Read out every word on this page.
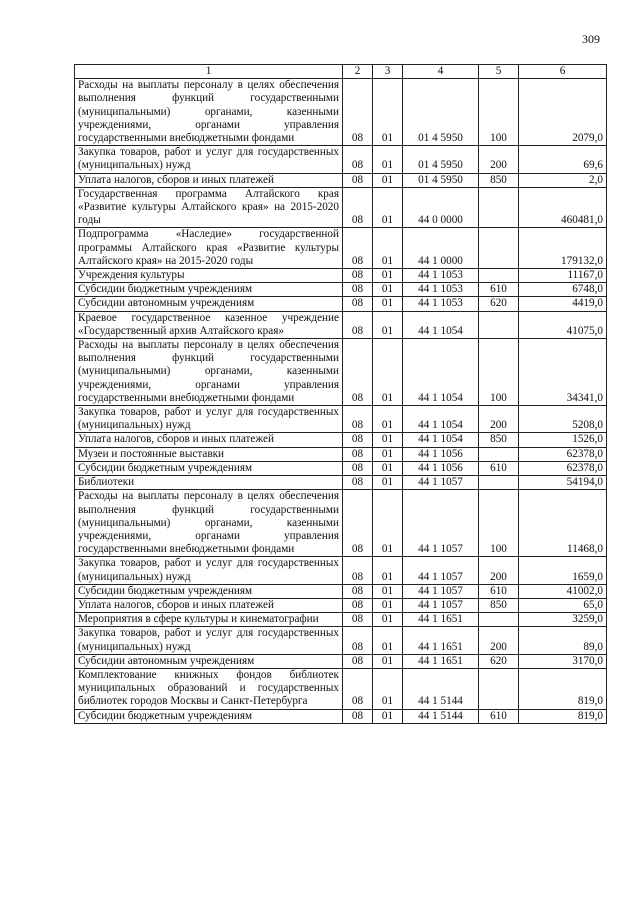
309
1	2	3	4	5	6
Расходы на выплаты персоналу в целях обеспечения выполнения функций государственными (муниципальными) органами, казенными учреждениями, органами управления государственными внебюджетными фондами	08	01	01 4 5950	100	2079,0
Закупка товаров, работ и услуг для государственных (муниципальных) нужд	08	01	01 4 5950	200	69,6
Уплата налогов, сборов и иных платежей	08	01	01 4 5950	850	2,0
Государственная программа Алтайского края «Развитие культуры Алтайского края» на 2015-2020 годы	08	01	44 0 0000		460481,0
Подпрограмма «Наследие» государственной программы Алтайского края «Развитие культуры Алтайского края» на 2015-2020 годы	08	01	44 1 0000		179132,0
Учреждения культуры	08	01	44 1 1053		11167,0
Субсидии бюджетным учреждениям	08	01	44 1 1053	610	6748,0
Субсидии автономным учреждениям	08	01	44 1 1053	620	4419,0
Краевое государственное казенное учреждение «Государственный архив Алтайского края»	08	01	44 1 1054		41075,0
Расходы на выплаты персоналу в целях обеспечения выполнения функций государственными (муниципальными) органами, казенными учреждениями, органами управления государственными внебюджетными фондами	08	01	44 1 1054	100	34341,0
Закупка товаров, работ и услуг для государственных (муниципальных) нужд	08	01	44 1 1054	200	5208,0
Уплата налогов, сборов и иных платежей	08	01	44 1 1054	850	1526,0
Музеи и постоянные выставки	08	01	44 1 1056		62378,0
Субсидии бюджетным учреждениям	08	01	44 1 1056	610	62378,0
Библиотеки	08	01	44 1 1057		54194,0
Расходы на выплаты персоналу в целях обеспечения выполнения функций государственными (муниципальными) органами, казенными учреждениями, органами управления государственными внебюджетными фондами	08	01	44 1 1057	100	11468,0
Закупка товаров, работ и услуг для государственных (муниципальных) нужд	08	01	44 1 1057	200	1659,0
Субсидии бюджетным учреждениям	08	01	44 1 1057	610	41002,0
Уплата налогов, сборов и иных платежей	08	01	44 1 1057	850	65,0
Мероприятия в сфере культуры и кинематографии	08	01	44 1 1651		3259,0
Закупка товаров, работ и услуг для государственных (муниципальных) нужд	08	01	44 1 1651	200	89,0
Субсидии автономным учреждениям	08	01	44 1 1651	620	3170,0
Комплектование книжных фондов библиотек муниципальных образований и государственных библиотек городов Москвы и Санкт-Петербурга	08	01	44 1 5144		819,0
Субсидии бюджетным учреждениям	08	01	44 1 5144	610	819,0
